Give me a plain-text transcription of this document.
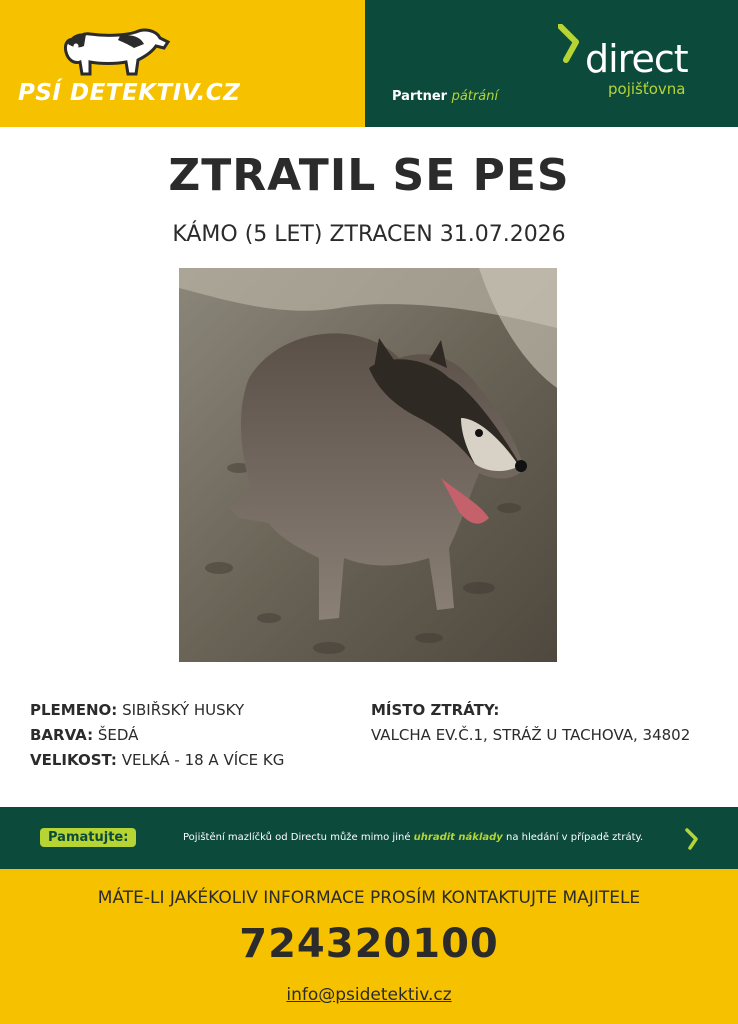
PSÍ DETEKTIV.CZ	Partner pátrání
direct
pojišťovna
ZTRATIL SE PES
KÁMO (5 LET) ZTRACEN 31.07.2026
PLEMENO: SIBIŘSKÝ HUSKY
BARVA: ŠEDÁ
VELIKOST: VELKÁ - 18 A VÍCE KG
MÍSTO ZTRÁTY:
VALCHA EV.Č.1, STRÁŽ U TACHOVA, 34802
Pamatujte:	Pojištění mazlíčků od Directu může mimo jiné uhradit náklady na hledání v případě ztráty.
MÁTE-LI JAKÉKOLIV INFORMACE PROSÍM KONTAKTUJTE MAJITELE
724320100
info@psidetektiv.cz
